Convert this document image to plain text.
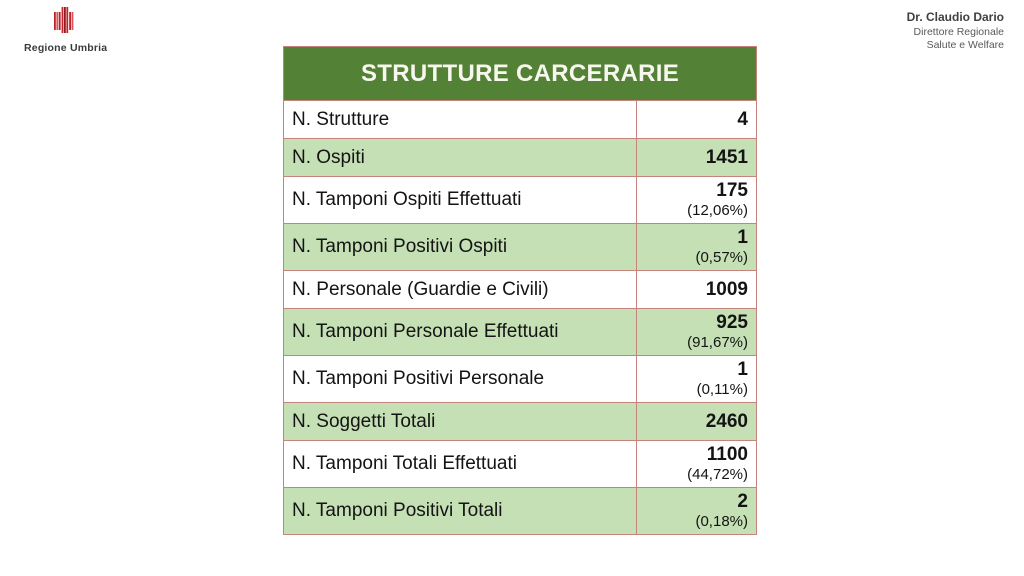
Regione Umbria
Dr. Claudio Dario
Direttore Regionale
Salute e Welfare
STRUTTURE CARCERARIE
N. Strutture	4
N. Ospiti	1451
N. Tamponi Ospiti Effettuati	175
(12,06%)
N. Tamponi Positivi Ospiti	1
(0,57%)
N. Personale (Guardie e Civili)	1009
N. Tamponi Personale Effettuati	925
(91,67%)
N. Tamponi Positivi Personale	1
(0,11%)
N. Soggetti Totali	2460
N. Tamponi Totali Effettuati	1100
(44,72%)
N. Tamponi Positivi Totali	2
(0,18%)
